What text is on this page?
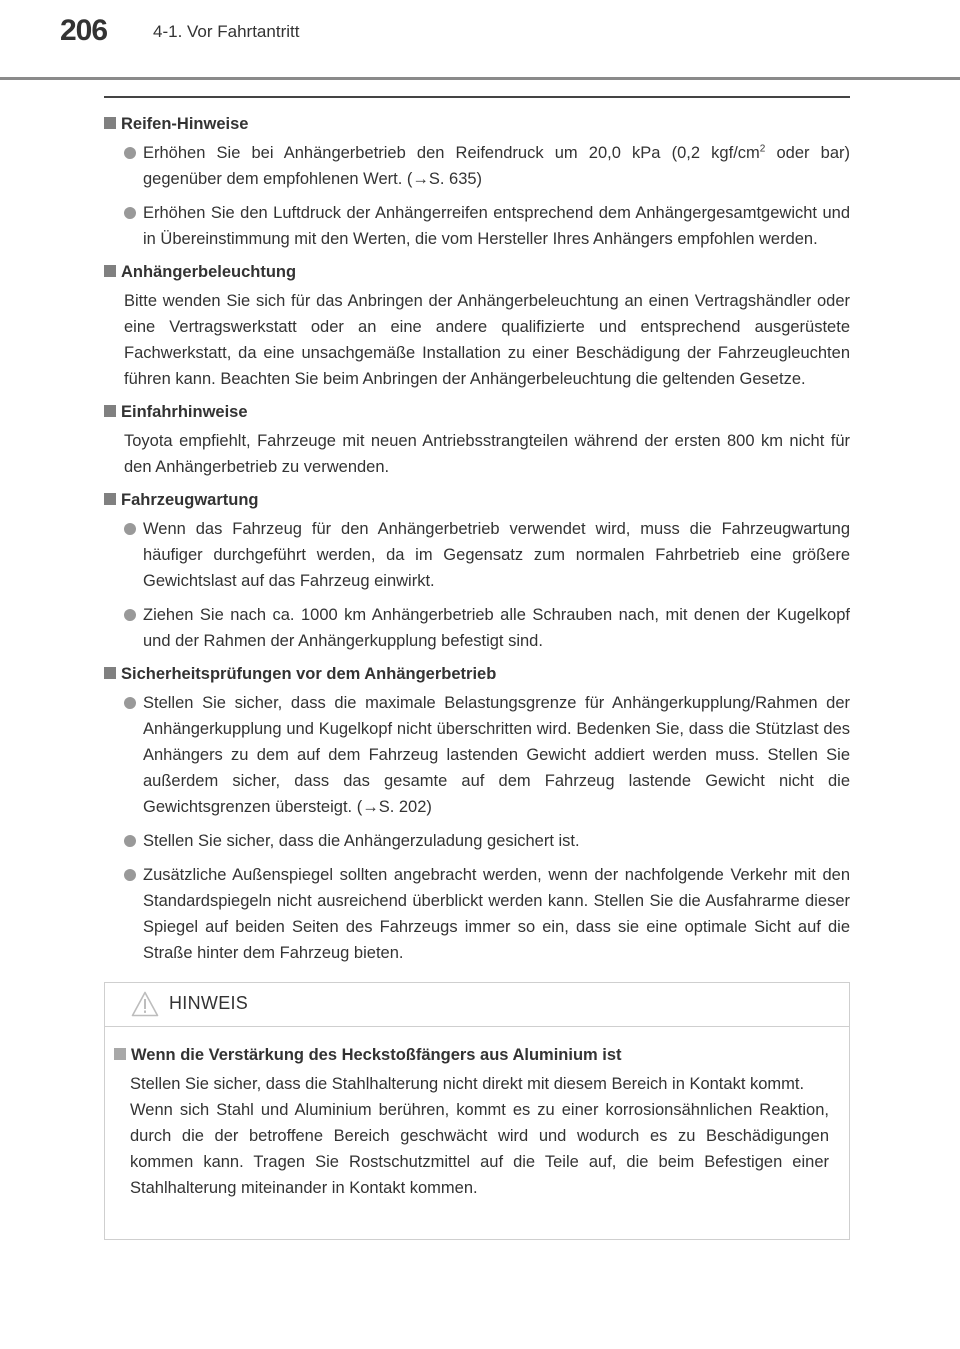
206	4-1. Vor Fahrtantritt
Reifen-Hinweise
Erhöhen Sie bei Anhängerbetrieb den Reifendruck um 20,0 kPa (0,2 kgf/$cm^2$ oder bar) gegenüber dem empfohlenen Wert. (→S. 635)
Erhöhen Sie den Luftdruck der Anhängerreifen entsprechend dem Anhängergesamtgewicht und in Übereinstimmung mit den Werten, die vom Hersteller Ihres Anhängers empfohlen werden.
Anhängerbeleuchtung
Bitte wenden Sie sich für das Anbringen der Anhängerbeleuchtung an einen Vertragshändler oder eine Vertragswerkstatt oder an eine andere qualifizierte und entsprechend ausgerüstete Fachwerkstatt, da eine unsachgemäße Installation zu einer Beschädigung der Fahrzeugleuchten führen kann. Beachten Sie beim Anbringen der Anhängerbeleuchtung die geltenden Gesetze.
Einfahrhinweise
Toyota empfiehlt, Fahrzeuge mit neuen Antriebsstrangteilen während der ersten 800 km nicht für den Anhängerbetrieb zu verwenden.
Fahrzeugwartung
Wenn das Fahrzeug für den Anhängerbetrieb verwendet wird, muss die Fahrzeugwartung häufiger durchgeführt werden, da im Gegensatz zum normalen Fahrbetrieb eine größere Gewichtslast auf das Fahrzeug einwirkt.
Ziehen Sie nach ca. 1000 km Anhängerbetrieb alle Schrauben nach, mit denen der Kugelkopf und der Rahmen der Anhängerkupplung befestigt sind.
Sicherheitsprüfungen vor dem Anhängerbetrieb
Stellen Sie sicher, dass die maximale Belastungsgrenze für Anhängerkupplung/Rahmen der Anhängerkupplung und Kugelkopf nicht überschritten wird. Bedenken Sie, dass die Stützlast des Anhängers zu dem auf dem Fahrzeug lastenden Gewicht addiert werden muss. Stellen Sie außerdem sicher, dass das gesamte auf dem Fahrzeug lastende Gewicht nicht die Gewichtsgrenzen übersteigt. (→S. 202)
Stellen Sie sicher, dass die Anhängerzuladung gesichert ist.
Zusätzliche Außenspiegel sollten angebracht werden, wenn der nachfolgende Verkehr mit den Standardspiegeln nicht ausreichend überblickt werden kann. Stellen Sie die Ausfahrarme dieser Spiegel auf beiden Seiten des Fahrzeugs immer so ein, dass sie eine optimale Sicht auf die Straße hinter dem Fahrzeug bieten.
HINWEIS
Wenn die Verstärkung des Heckstoßfängers aus Aluminium ist

Stellen Sie sicher, dass die Stahlhalterung nicht direkt mit diesem Bereich in Kontakt kommt.

Wenn sich Stahl und Aluminium berühren, kommt es zu einer korrosionsähnlichen Reaktion, durch die der betroffene Bereich geschwächt wird und wodurch es zu Beschädigungen kommen kann. Tragen Sie Rostschutzmittel auf die Teile auf, die beim Befestigen einer Stahlhalterung miteinander in Kontakt kommen.
